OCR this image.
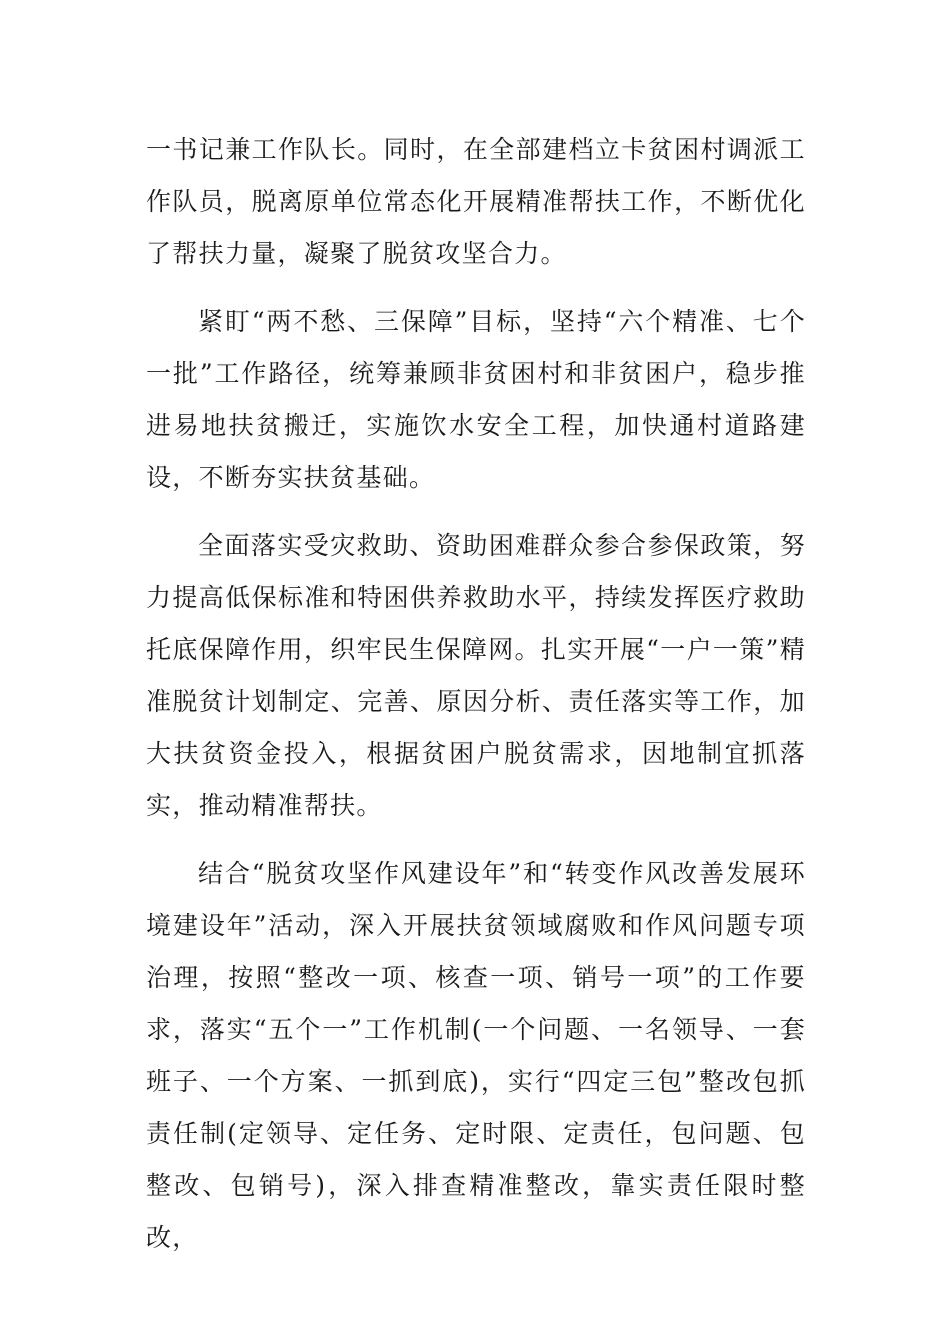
一书记兼工作队长。同时，在全部建档立卡贫困村调派工作队员，脱离原单位常态化开展精准帮扶工作，不断优化了帮扶力量，凝聚了脱贫攻坚合力。

紧盯“两不愁、三保障”目标，坚持“六个精准、七个一批”工作路径，统筹兼顾非贫困村和非贫困户，稳步推进易地扶贫搬迁，实施饮水安全工程，加快通村道路建设，不断夯实扶贫基础。

全面落实受灾救助、资助困难群众参合参保政策，努力提高低保标准和特困供养救助水平，持续发挥医疗救助托底保障作用，织牢民生保障网。扎实开展“一户一策”精准脱贫计划制定、完善、原因分析、责任落实等工作，加大扶贫资金投入，根据贫困户脱贫需求，因地制宜抓落实，推动精准帮扶。

结合“脱贫攻坚作风建设年”和“转变作风改善发展环境建设年”活动，深入开展扶贫领域腐败和作风问题专项治理，按照“整改一项、核查一项、销号一项”的工作要求，落实“五个一”工作机制(一个问题、一名领导、一套班子、一个方案、一抓到底)，实行“四定三包”整改包抓责任制(定领导、定任务、定时限、定责任，包问题、包整改、包销号)，深入排查精准整改，靠实责任限时整改，
